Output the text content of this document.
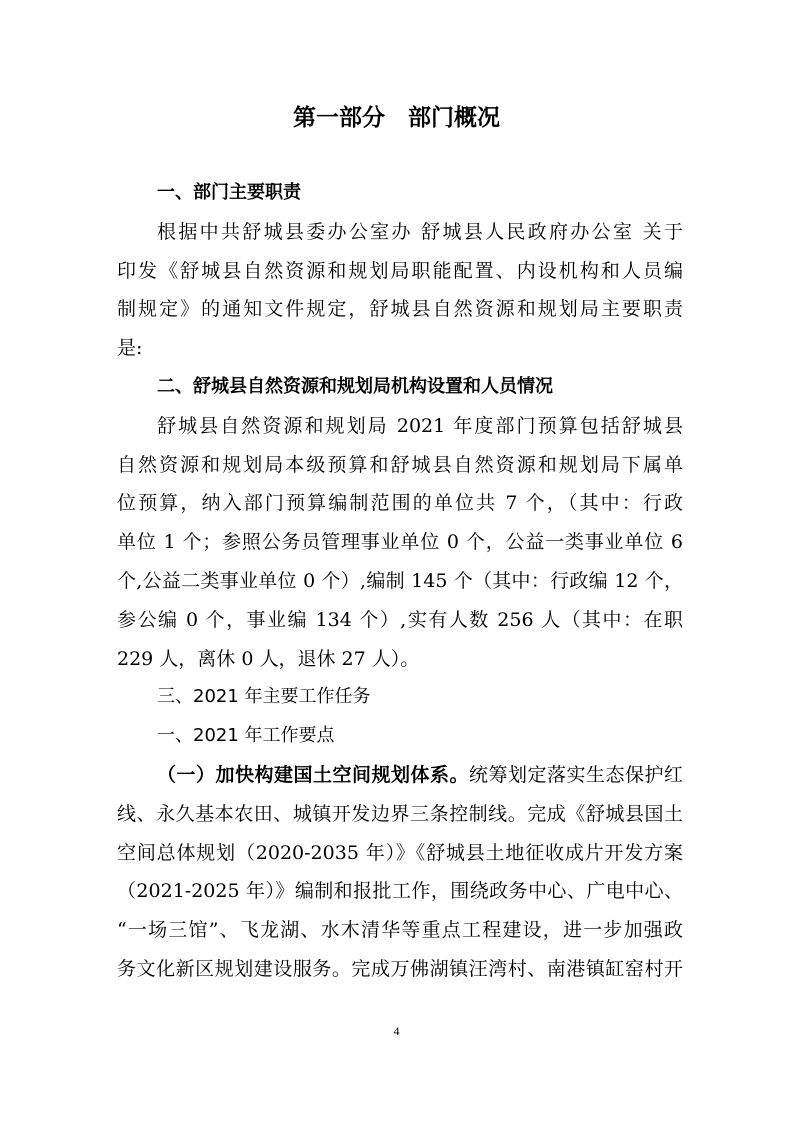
第一部分　部门概况
一、部门主要职责
根据中共舒城县委办公室办 舒城县人民政府办公室 关于
印发《舒城县自然资源和规划局职能配置、内设机构和人员编
制规定》的通知文件规定，舒城县自然资源和规划局主要职责
是:
二、舒城县自然资源和规划局机构设置和人员情况
舒城县自然资源和规划局 2021 年度部门预算包括舒城县
自然资源和规划局本级预算和舒城县自然资源和规划局下属单
位预算，纳入部门预算编制范围的单位共 7 个，（其中：行政
单位 1 个；参照公务员管理事业单位 0 个，公益一类事业单位 6
个,公益二类事业单位 0 个）,编制 145 个（其中：行政编 12 个，
参公编 0 个，事业编 134 个）,实有人数 256 人（其中：在职
229 人，离休 0 人，退休 27 人）。
三、2021 年主要工作任务
一、2021 年工作要点
（一）加快构建国土空间规划体系。统筹划定落实生态保护红
线、永久基本农田、城镇开发边界三条控制线。完成《舒城县国土
空间总体规划（2020-2035 年）》《舒城县土地征收成片开发方案
（2021-2025 年）》编制和报批工作，围绕政务中心、广电中心、
“一场三馆”、飞龙湖、水木清华等重点工程建设，进一步加强政
务文化新区规划建设服务。完成万佛湖镇汪湾村、南港镇缸窑村开
4
